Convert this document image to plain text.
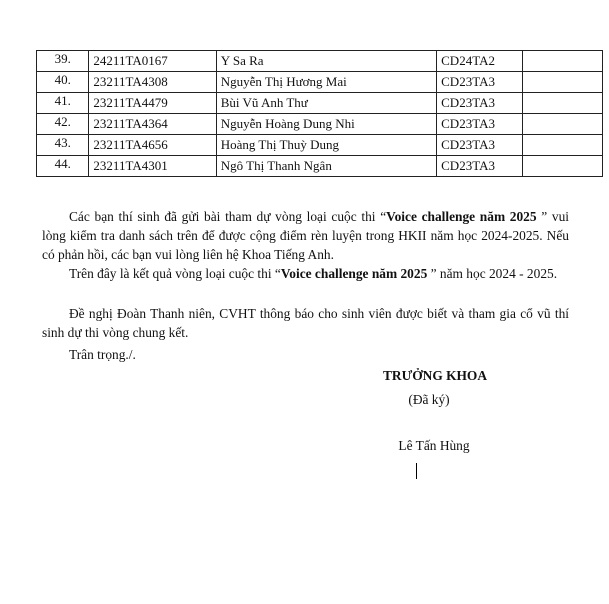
39.	24211TA0167	Y Sa Ra	CD24TA2	
40.	23211TA4308	Nguyễn Thị Hương Mai	CD23TA3	
41.	23211TA4479	Bùi Vũ Anh Thư	CD23TA3	
42.	23211TA4364	Nguyễn Hoàng Dung Nhi	CD23TA3	
43.	23211TA4656	Hoàng Thị Thuỳ Dung	CD23TA3	
44.	23211TA4301	Ngô Thị Thanh Ngân	CD23TA3	

Các bạn thí sinh đã gửi bài tham dự vòng loại cuộc thi “Voice challenge năm 2025 ” vui lòng kiểm tra danh sách trên để được cộng điểm rèn luyện trong HKII năm học 2024-2025. Nếu có phản hồi, các bạn vui lòng liên hệ Khoa Tiếng Anh.

Trên đây là kết quả vòng loại cuộc thi “Voice challenge năm 2025 ” năm học 2024 - 2025.

Đề nghị Đoàn Thanh niên, CVHT thông báo cho sinh viên được biết và tham gia cổ vũ thí sinh dự thi vòng chung kết.

Trân trọng./.

TRƯỞNG KHOA
(Đã ký)
Lê Tấn Hùng
